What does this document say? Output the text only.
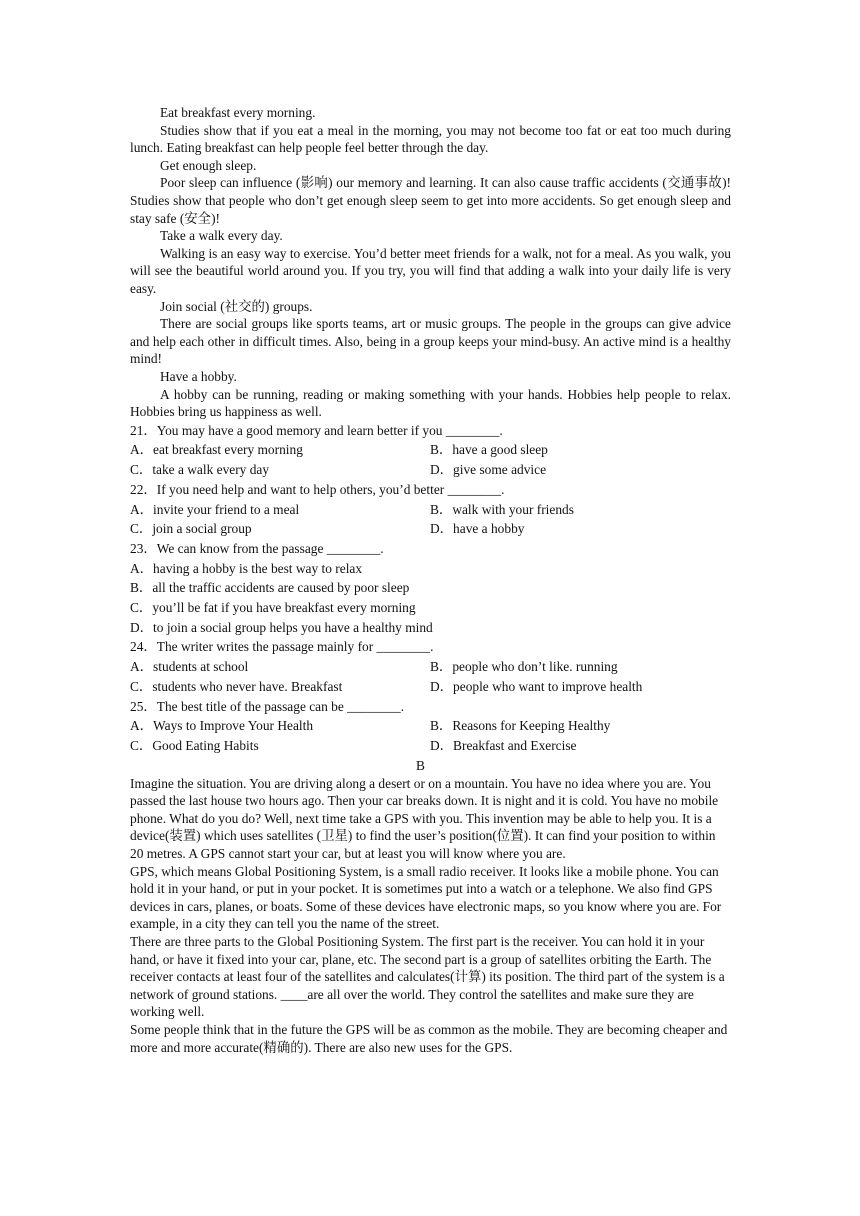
Eat breakfast every morning.

Studies show that if you eat a meal in the morning, you may not become too fat or eat too much during lunch. Eating breakfast can help people feel better through the day.

Get enough sleep.

Poor sleep can influence (影响) our memory and learning. It can also cause traffic accidents (交通事故)! Studies show that people who don’t get enough sleep seem to get into more accidents. So get enough sleep and stay safe (安全)!

Take a walk every day.

Walking is an easy way to exercise. You’d better meet friends for a walk, not for a meal. As you walk, you will see the beautiful world around you. If you try, you will find that adding a walk into your daily life is very easy.

Join social (社交的) groups.

There are social groups like sports teams, art or music groups. The people in the groups can give advice and help each other in difficult times. Also, being in a group keeps your mind-busy. An active mind is a healthy mind!

Have a hobby.

A hobby can be running, reading or making something with your hands. Hobbies help people to relax. Hobbies bring us happiness as well.

21．You may have a good memory and learn better if you ________.

A．eat breakfast every morning	B．have a good sleep
C．take a walk every day	D．give some advice

22．If you need help and want to help others, you’d better ________.

A．invite your friend to a meal	B．walk with your friends
C．join a social group	D．have a hobby

23．We can know from the passage ________.

A．having a hobby is the best way to relax

B．all the traffic accidents are caused by poor sleep

C．you’ll be fat if you have breakfast every morning

D．to join a social group helps you have a healthy mind

24．The writer writes the passage mainly for ________.

A．students at school	B．people who don’t like. running
C．students who never have. Breakfast	D．people who want to improve health

25．The best title of the passage can be ________.

A．Ways to Improve Your Health	B．Reasons for Keeping Healthy
C．Good Eating Habits	D．Breakfast and Exercise

B

Imagine the situation. You are driving along a desert or on a mountain. You have no idea where you are. You passed the last house two hours ago. Then your car breaks down. It is night and it is cold. You have no mobile phone. What do you do? Well, next time take a GPS with you. This invention may be able to help you. It is a device(装置) which uses satellites (卫星) to find the user’s position(位置). It can find your position to within 20 metres. A GPS cannot start your car, but at least you will know where you are.

GPS, which means Global Positioning System, is a small radio receiver. It looks like a mobile phone. You can hold it in your hand, or put in your pocket. It is sometimes put into a watch or a telephone. We also find GPS devices in cars, planes, or boats. Some of these devices have electronic maps, so you know where you are. For example, in a city they can tell you the name of the street.

There are three parts to the Global Positioning System. The first part is the receiver. You can hold it in your hand, or have it fixed into your car, plane, etc. The second part is a group of satellites orbiting the Earth. The receiver contacts at least four of the satellites and calculates(计算) its position. The third part of the system is a network of ground stations. ____are all over the world. They control the satellites and make sure they are working well.

Some people think that in the future the GPS will be as common as the mobile. They are becoming cheaper and more and more accurate(精确的). There are also new uses for the GPS.
